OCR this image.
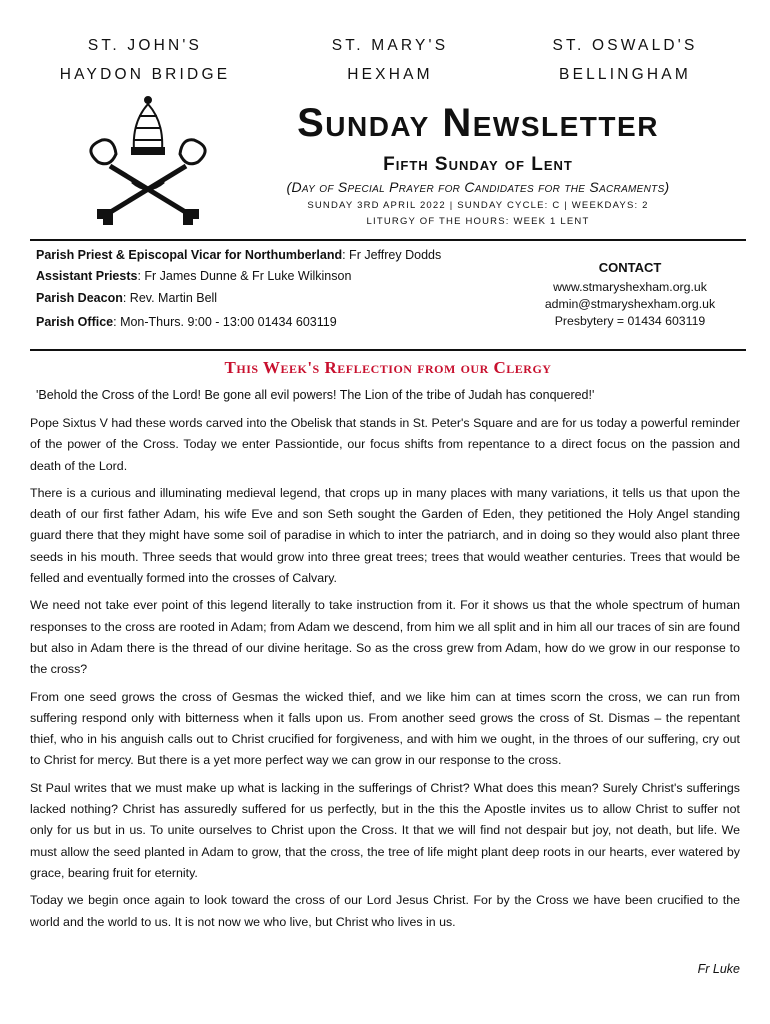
ST. JOHN'S
HAYDON BRIDGE
ST. MARY'S
HEXHAM
ST. OSWALD'S
BELLINGHAM
Sunday Newsletter
Fifth Sunday of Lent
(Day of Special Prayer for Candidates for the Sacraments)
SUNDAY 3RD APRIL 2022 | SUNDAY CYCLE: C | WEEKDAYS: 2
LITURGY OF THE HOURS: WEEK 1 LENT
Parish Priest & Episcopal Vicar for Northumberland: Fr Jeffrey Dodds
Assistant Priests: Fr James Dunne & Fr Luke Wilkinson
Parish Deacon: Rev. Martin Bell
Parish Office: Mon-Thurs. 9:00 - 13:00 01434 603119
CONTACT
www.stmaryshexham.org.uk
admin@stmaryshexham.org.uk
Presbytery = 01434 603119
This Week's Reflection from our Clergy
'Behold the Cross of the Lord! Be gone all evil powers! The Lion of the tribe of Judah has conquered!'

Pope Sixtus V had these words carved into the Obelisk that stands in St. Peter's Square and are for us today a powerful reminder of the power of the Cross. Today we enter Passiontide, our focus shifts from repentance to a direct focus on the passion and death of the Lord.

There is a curious and illuminating medieval legend, that crops up in many places with many variations, it tells us that upon the death of our first father Adam, his wife Eve and son Seth sought the Garden of Eden, they petitioned the Holy Angel standing guard there that they might have some soil of paradise in which to inter the patriarch, and in doing so they would also plant three seeds in his mouth. Three seeds that would grow into three great trees; trees that would weather centuries. Trees that would be felled and eventually formed into the crosses of Calvary.

We need not take ever point of this legend literally to take instruction from it. For it shows us that the whole spectrum of human responses to the cross are rooted in Adam; from Adam we descend, from him we all split and in him all our traces of sin are found but also in Adam there is the thread of our divine heritage. So as the cross grew from Adam, how do we grow in our response to the cross?

From one seed grows the cross of Gesmas the wicked thief, and we like him can at times scorn the cross, we can run from suffering respond only with bitterness when it falls upon us. From another seed grows the cross of St. Dismas – the repentant thief, who in his anguish calls out to Christ crucified for forgiveness, and with him we ought, in the throes of our suffering, cry out to Christ for mercy. But there is a yet more perfect way we can grow in our response to the cross.

St Paul writes that we must make up what is lacking in the sufferings of Christ? What does this mean? Surely Christ's sufferings lacked nothing? Christ has assuredly suffered for us perfectly, but in the this the Apostle invites us to allow Christ to suffer not only for us but in us. To unite ourselves to Christ upon the Cross. It that we will find not despair but joy, not death, but life. We must allow the seed planted in Adam to grow, that the cross, the tree of life might plant deep roots in our hearts, ever watered by grace, bearing fruit for eternity.

Today we begin once again to look toward the cross of our Lord Jesus Christ. For by the Cross we have been crucified to the world and the world to us. It is not now we who live, but Christ who lives in us.

Fr Luke
